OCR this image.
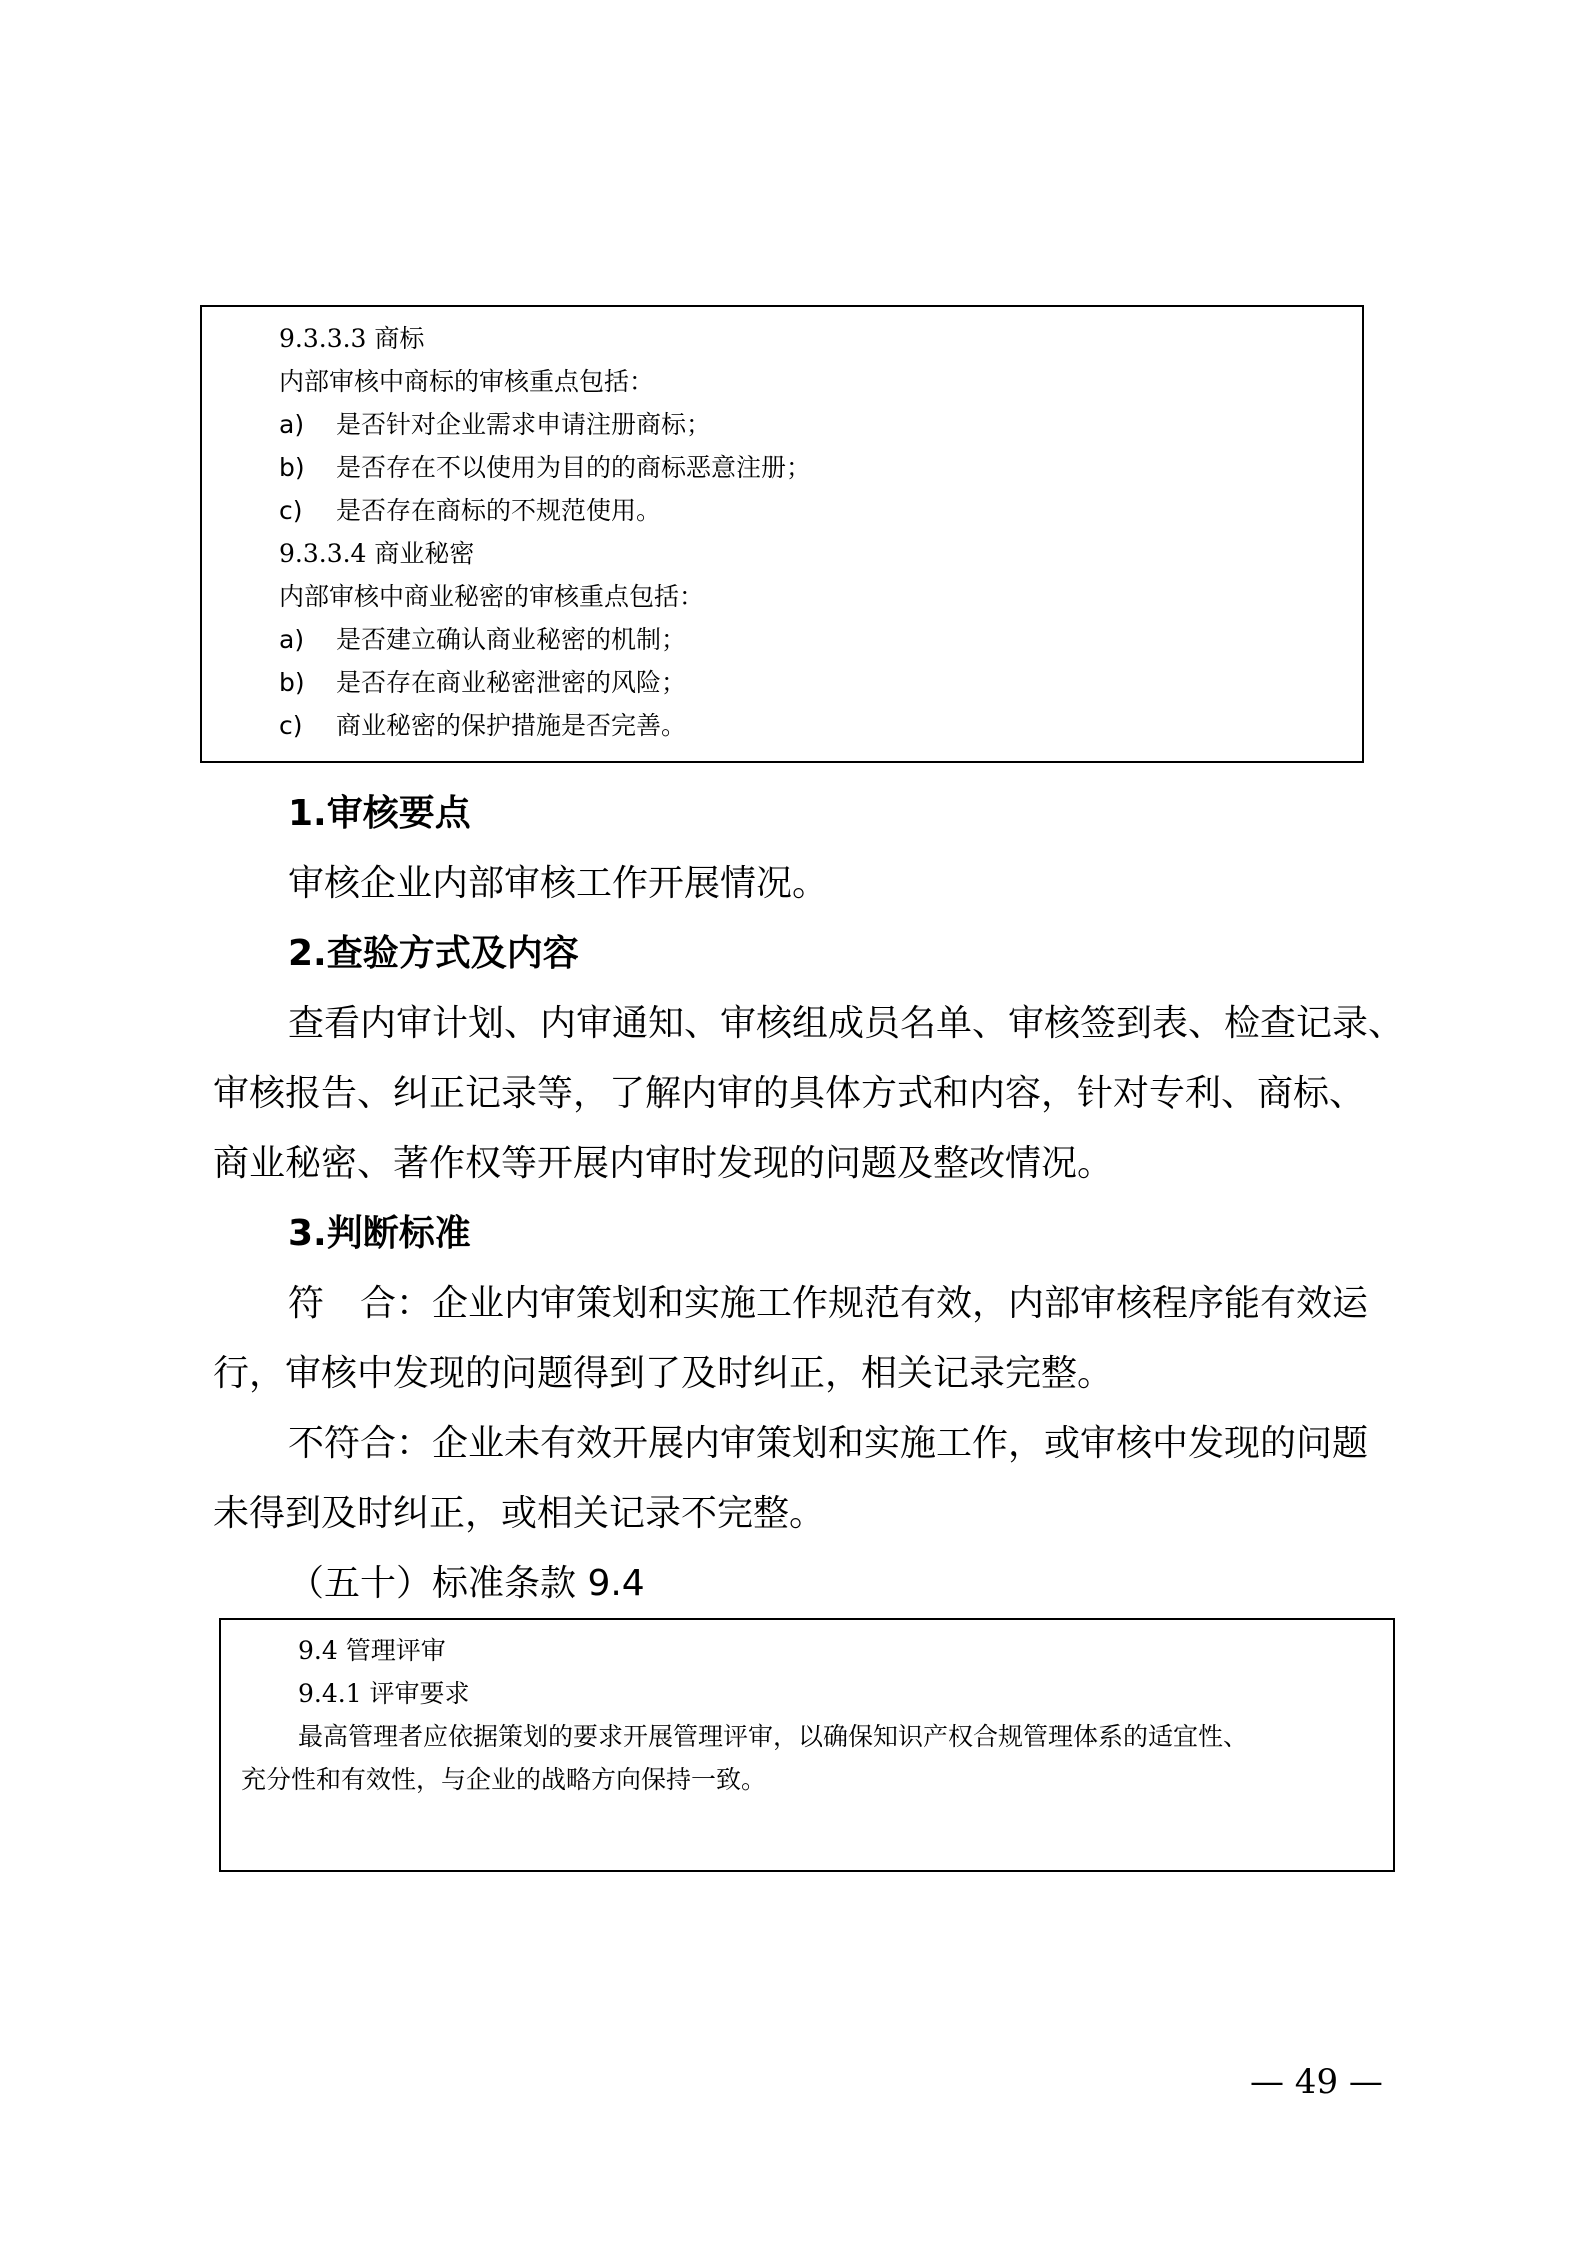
9.3.3.3 商标
内部审核中商标的审核重点包括：
a) 是否针对企业需求申请注册商标；
b) 是否存在不以使用为目的的商标恶意注册；
c) 是否存在商标的不规范使用。
9.3.3.4 商业秘密
内部审核中商业秘密的审核重点包括：
a) 是否建立确认商业秘密的机制；
b) 是否存在商业秘密泄密的风险；
c) 商业秘密的保护措施是否完善。
1.审核要点
审核企业内部审核工作开展情况。
2.查验方式及内容
查看内审计划、内审通知、审核组成员名单、审核签到表、检查记录、
审核报告、纠正记录等，了解内审的具体方式和内容，针对专利、商标、
商业秘密、著作权等开展内审时发现的问题及整改情况。
3.判断标准
符　合：企业内审策划和实施工作规范有效，内部审核程序能有效运
行，审核中发现的问题得到了及时纠正，相关记录完整。
不符合：企业未有效开展内审策划和实施工作，或审核中发现的问题
未得到及时纠正，或相关记录不完整。
（五十）标准条款 9.4
9.4 管理评审
9.4.1 评审要求
最高管理者应依据策划的要求开展管理评审，以确保知识产权合规管理体系的适宜性、
充分性和有效性，与企业的战略方向保持一致。
— 49 —
